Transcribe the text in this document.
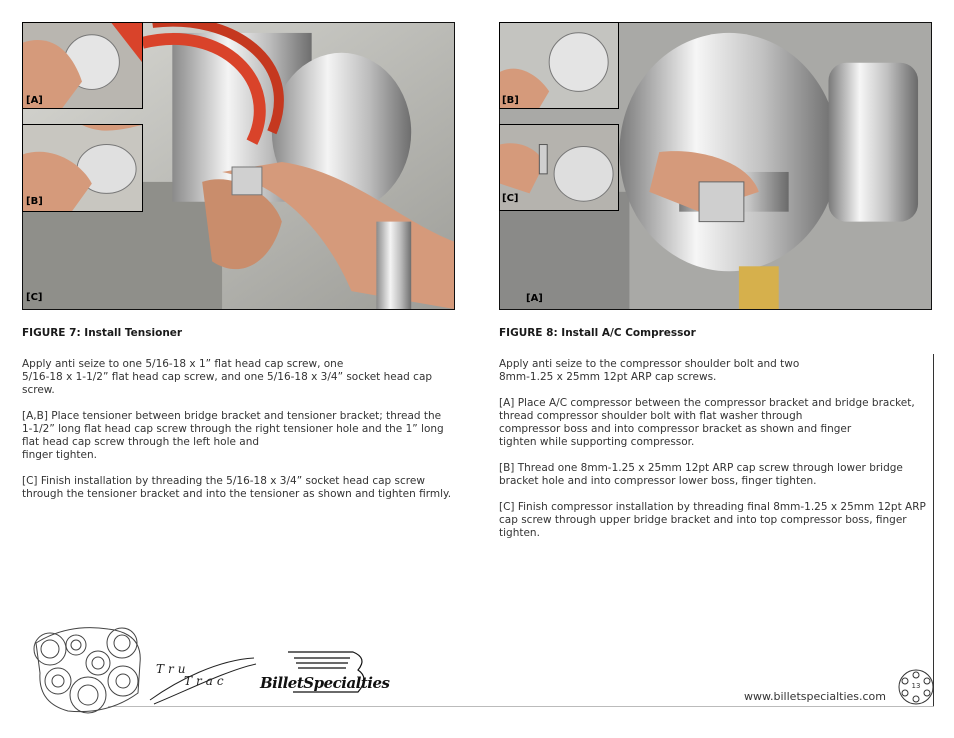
[A]
[B]
[C]
[B]
[C]
[A]
FIGURE 7: Install Tensioner

Apply anti seize to one 5/16-18 x 1” flat head cap screw, one
5/16-18 x 1-1/2” flat head cap screw, and one 5/16-18 x 3/4” socket head cap
screw.

[A,B] Place tensioner between bridge bracket and tensioner bracket; thread the
1-1/2” long flat head cap screw through the right tensioner hole and the 1” long
flat head cap screw through the left hole and
finger tighten.

[C] Finish installation by threading the 5/16-18 x 3/4” socket head cap screw
through the tensioner bracket and into the tensioner as shown and tighten firmly.

FIGURE 8: Install A/C Compressor

Apply anti seize to the compressor shoulder bolt and two
8mm-1.25 x 25mm 12pt ARP cap screws.

[A] Place A/C compressor between the compressor bracket and bridge bracket,
thread compressor shoulder bolt with flat washer through
compressor boss and into compressor bracket as shown and finger
tighten while supporting compressor.

[B] Thread one 8mm-1.25 x 25mm 12pt ARP cap screw through lower bridge
bracket hole and into compressor lower boss, finger tighten.

[C] Finish compressor installation by threading final 8mm-1.25 x 25mm 12pt ARP
cap screw through upper bridge bracket and into top compressor boss, finger
tighten.

Tru
Trac BilletSpecialties
www.billetspecialties.com
13
